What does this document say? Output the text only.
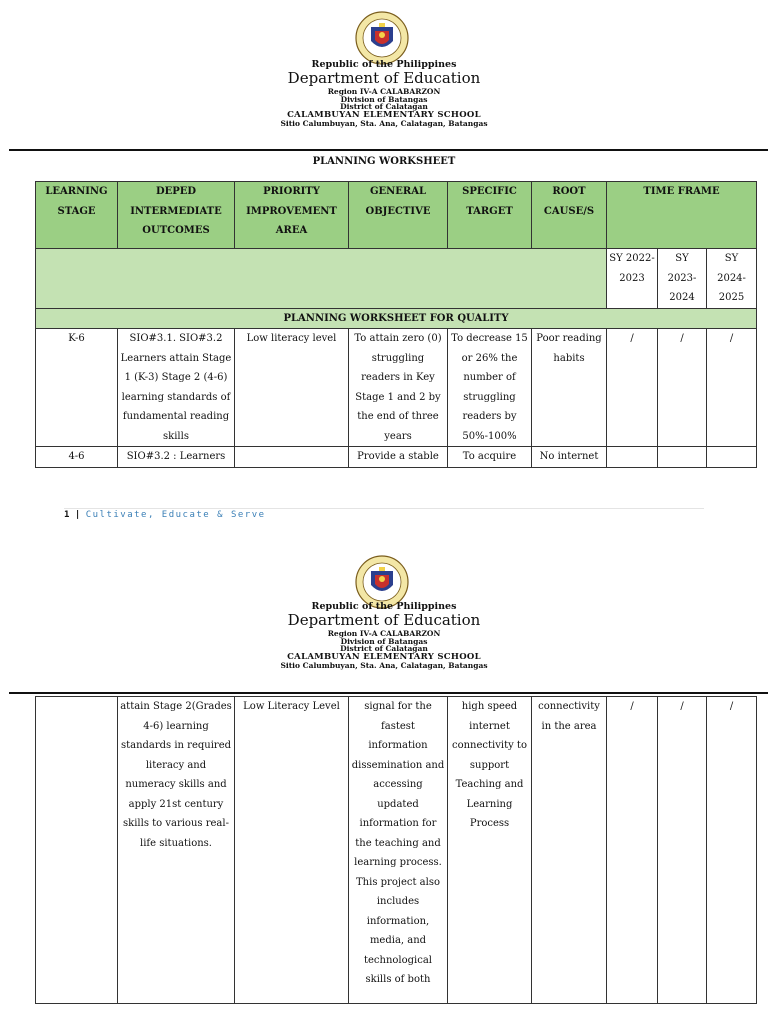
Republic of the Philippines
Department of Education
Region IV-A CALABARZON
Division of Batangas
District of Calatagan
CALAMBUYAN ELEMENTARY SCHOOL
Sitio Calumbuyan, Sta. Ana, Calatagan, Batangas
PLANNING WORKSHEET
LEARNING STAGE	DEPED INTERMEDIATE OUTCOMES	PRIORITY IMPROVEMENT AREA	GENERAL OBJECTIVE	SPECIFIC TARGET	ROOT CAUSE/S	TIME FRAME		
						SY 2022-2023	SY 2023-2024	SY 2024-2025
PLANNING WORKSHEET FOR QUALITY								
K-6	SIO#3.1. SIO#3.2 Learners attain Stage 1 (K-3) Stage 2 (4-6) learning standards of fundamental reading skills	Low literacy level	To attain zero (0) struggling readers in Key Stage 1 and 2 by the end of three years	To decrease 15 or 26% the number of struggling readers by 50%-100%	Poor reading habits	/	/	/
4-6	SIO#3.2 : Learners		Provide a stable	To acquire	No internet			
1 | Cultivate, Educate & Serve
Republic of the Philippines
Department of Education
Region IV-A CALABARZON
Division of Batangas
District of Calatagan
CALAMBUYAN ELEMENTARY SCHOOL
Sitio Calumbuyan, Sta. Ana, Calatagan, Batangas
	attain Stage 2(Grades 4-6) learning standards in required literacy and numeracy skills and apply 21st century skills to various real-life situations.	Low Literacy Level	signal for the fastest information dissemination and accessing updated information for the teaching and learning process. This project also includes information, media, and technological skills of both	high speed internet connectivity to support Teaching and Learning Process	connectivity in the area	/	/	/
